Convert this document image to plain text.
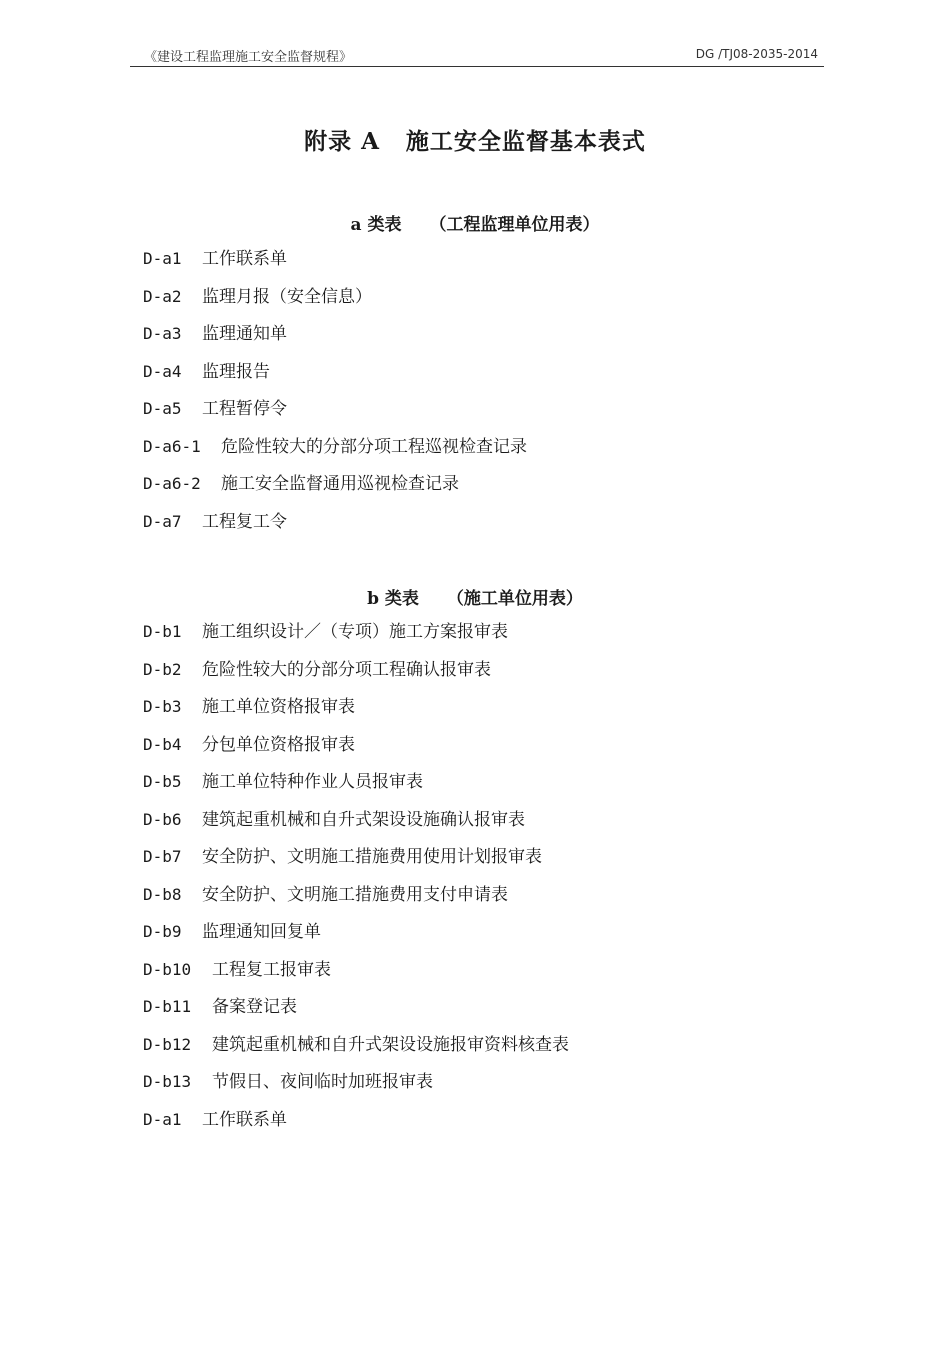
《建设工程监理施工安全监督规程》	DG /TJ08-2035-2014
附录 A 施工安全监督基本表式
a 类表 （工程监理单位用表）
D-a1 工作联系单
D-a2 监理月报（安全信息）
D-a3 监理通知单
D-a4 监理报告
D-a5 工程暂停令
D-a6-1 危险性较大的分部分项工程巡视检查记录
D-a6-2 施工安全监督通用巡视检查记录
D-a7 工程复工令
b 类表 （施工单位用表）
D-b1 施工组织设计／（专项）施工方案报审表
D-b2 危险性较大的分部分项工程确认报审表
D-b3 施工单位资格报审表
D-b4 分包单位资格报审表
D-b5 施工单位特种作业人员报审表
D-b6 建筑起重机械和自升式架设设施确认报审表
D-b7 安全防护、文明施工措施费用使用计划报审表
D-b8 安全防护、文明施工措施费用支付申请表
D-b9 监理通知回复单
D-b10 工程复工报审表
D-b11 备案登记表
D-b12 建筑起重机械和自升式架设设施报审资料核查表
D-b13 节假日、夜间临时加班报审表
D-a1 工作联系单
